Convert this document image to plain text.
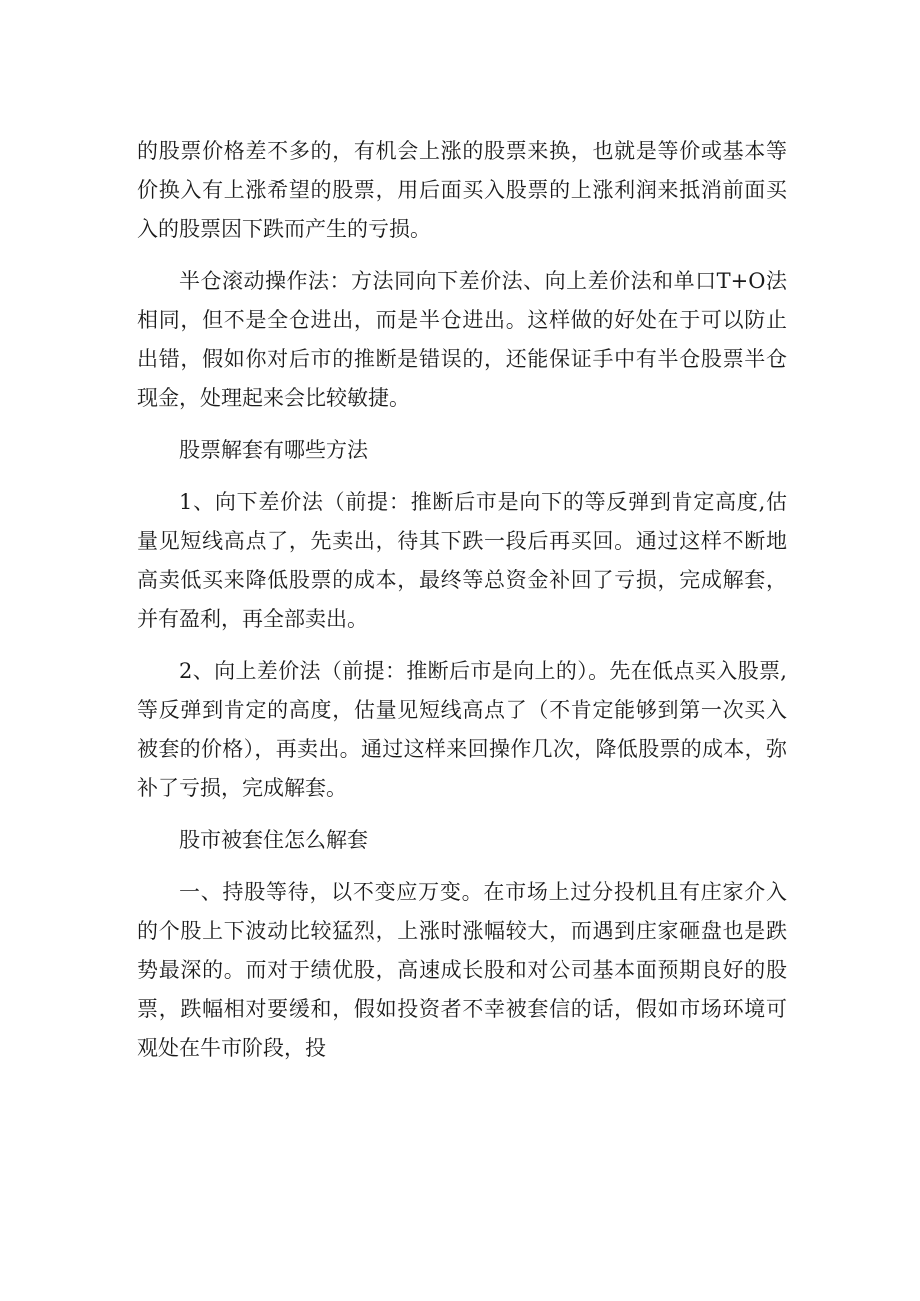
的股票价格差不多的，有机会上涨的股票来换，也就是等价或基本等价换入有上涨希望的股票，用后面买入股票的上涨利润来抵消前面买入的股票因下跌而产生的亏损。

半仓滚动操作法：方法同向下差价法、向上差价法和单口T+O法相同，但不是全仓进出，而是半仓进出。这样做的好处在于可以防止出错，假如你对后市的推断是错误的，还能保证手中有半仓股票半仓现金，处理起来会比较敏捷。

股票解套有哪些方法

1、向下差价法（前提：推断后市是向下的等反弹到肯定高度,估量见短线高点了，先卖出，待其下跌一段后再买回。通过这样不断地高卖低买来降低股票的成本，最终等总资金补回了亏损，完成解套，并有盈利，再全部卖出。

2、向上差价法（前提：推断后市是向上的）。先在低点买入股票,等反弹到肯定的高度，估量见短线高点了（不肯定能够到第一次买入被套的价格），再卖出。通过这样来回操作几次，降低股票的成本，弥补了亏损，完成解套。

股市被套住怎么解套

一、持股等待，以不变应万变。在市场上过分投机且有庄家介入的个股上下波动比较猛烈，上涨时涨幅较大，而遇到庄家砸盘也是跌势最深的。而对于绩优股，高速成长股和对公司基本面预期良好的股票，跌幅相对要缓和，假如投资者不幸被套信的话，假如市场环境可观处在牛市阶段，投
